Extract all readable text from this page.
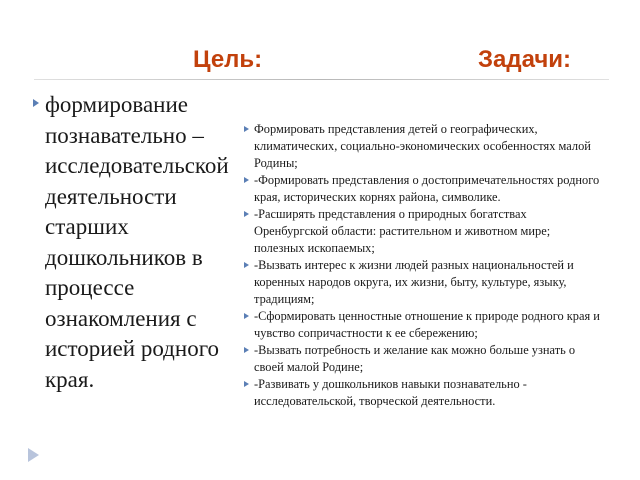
Цель:	Задачи:
формирование познавательно – исследовательской деятельности старших дошкольников в процессе ознакомления с историей родного края.
Формировать представления детей о географических, климатических, социально-экономических особенностях малой Родины;
-Формировать представления о достопримечательностях родного края, исторических корнях района, символике.
-Расширять представления о природных богатствах Оренбургской области: растительном и животном мире; полезных ископаемых;
-Вызвать интерес к жизни людей разных национальностей и коренных народов округа, их жизни, быту, культуре, языку, традициям;
-Сформировать ценностные отношение к природе родного края и чувство сопричастности к ее сбережению;
-Вызвать потребность и желание как можно больше узнать о своей малой Родине;
-Развивать у дошкольников навыки познавательно - исследовательской, творческой деятельности.
